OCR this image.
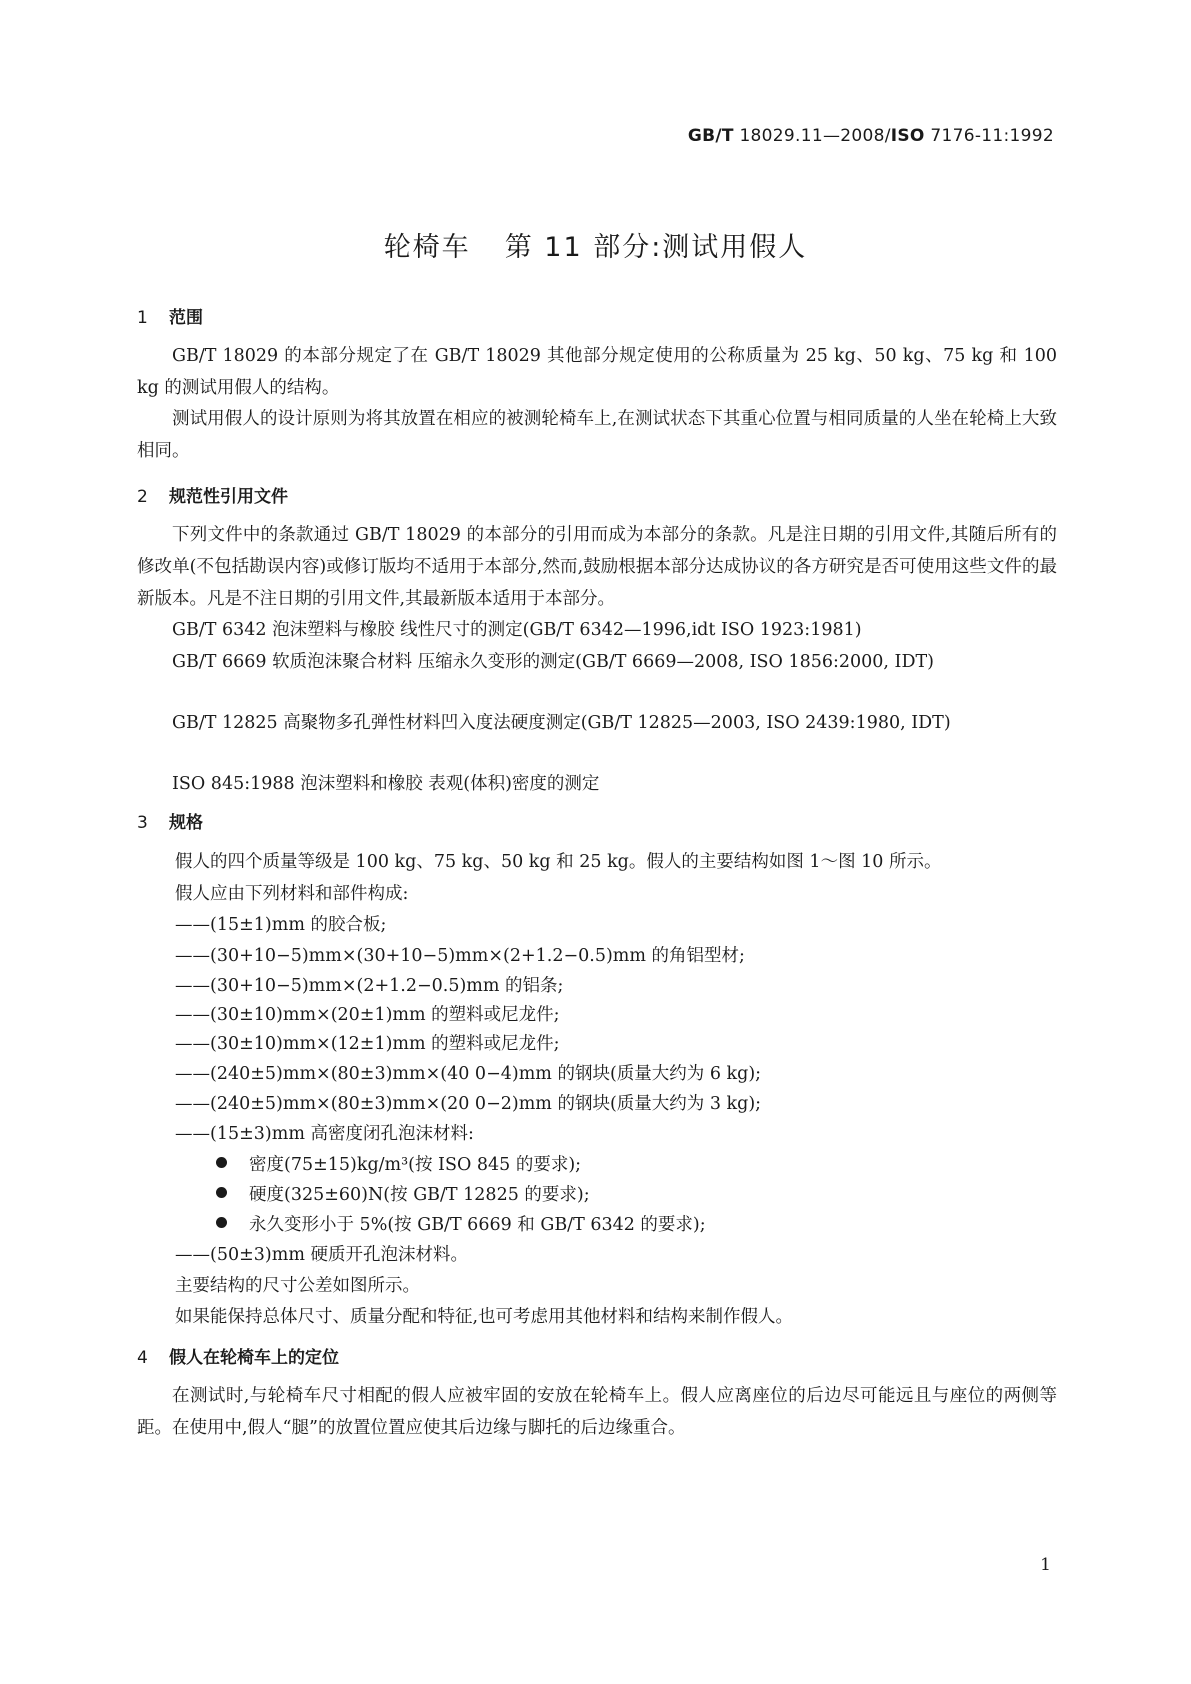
GB/T 18029.11—2008/ISO 7176-11:1992
轮椅车 第 11 部分:测试用假人
1 范围
GB/T 18029 的本部分规定了在 GB/T 18029 其他部分规定使用的公称质量为 25 kg、50 kg、75 kg 和 100 kg 的测试用假人的结构。
测试用假人的设计原则为将其放置在相应的被测轮椅车上,在测试状态下其重心位置与相同质量的人坐在轮椅上大致相同。
2 规范性引用文件
下列文件中的条款通过 GB/T 18029 的本部分的引用而成为本部分的条款。凡是注日期的引用文件,其随后所有的修改单(不包括勘误内容)或修订版均不适用于本部分,然而,鼓励根据本部分达成协议的各方研究是否可使用这些文件的最新版本。凡是不注日期的引用文件,其最新版本适用于本部分。
GB/T 6342 泡沫塑料与橡胶 线性尺寸的测定(GB/T 6342—1996,idt ISO 1923:1981)
GB/T 6669 软质泡沫聚合材料 压缩永久变形的测定(GB/T 6669—2008, ISO 1856:2000, IDT)
GB/T 12825 高聚物多孔弹性材料凹入度法硬度测定(GB/T 12825—2003, ISO 2439:1980, IDT)
ISO 845:1988 泡沫塑料和橡胶 表观(体积)密度的测定
3 规格
假人的四个质量等级是 100 kg、75 kg、50 kg 和 25 kg。假人的主要结构如图 1～图 10 所示。
假人应由下列材料和部件构成:
——(15±1)mm 的胶合板;
——(30+10−5)mm×(30+10−5)mm×(2+1.2−0.5)mm 的角铝型材;
——(30+10−5)mm×(2+1.2−0.5)mm 的铝条;
——(30±10)mm×(20±1)mm 的塑料或尼龙件;
——(30±10)mm×(12±1)mm 的塑料或尼龙件;
——(240±5)mm×(80±3)mm×(40 0−4)mm 的钢块(质量大约为 6 kg);
——(240±5)mm×(80±3)mm×(20 0−2)mm 的钢块(质量大约为 3 kg);
——(15±3)mm 高密度闭孔泡沫材料:
密度(75±15)kg/m³(按 ISO 845 的要求);
硬度(325±60)N(按 GB/T 12825 的要求);
永久变形小于 5%(按 GB/T 6669 和 GB/T 6342 的要求);
——(50±3)mm 硬质开孔泡沫材料。
主要结构的尺寸公差如图所示。
如果能保持总体尺寸、质量分配和特征,也可考虑用其他材料和结构来制作假人。
4 假人在轮椅车上的定位
在测试时,与轮椅车尺寸相配的假人应被牢固的安放在轮椅车上。假人应离座位的后边尽可能远且与座位的两侧等距。在使用中,假人“腿”的放置位置应使其后边缘与脚托的后边缘重合。
1
